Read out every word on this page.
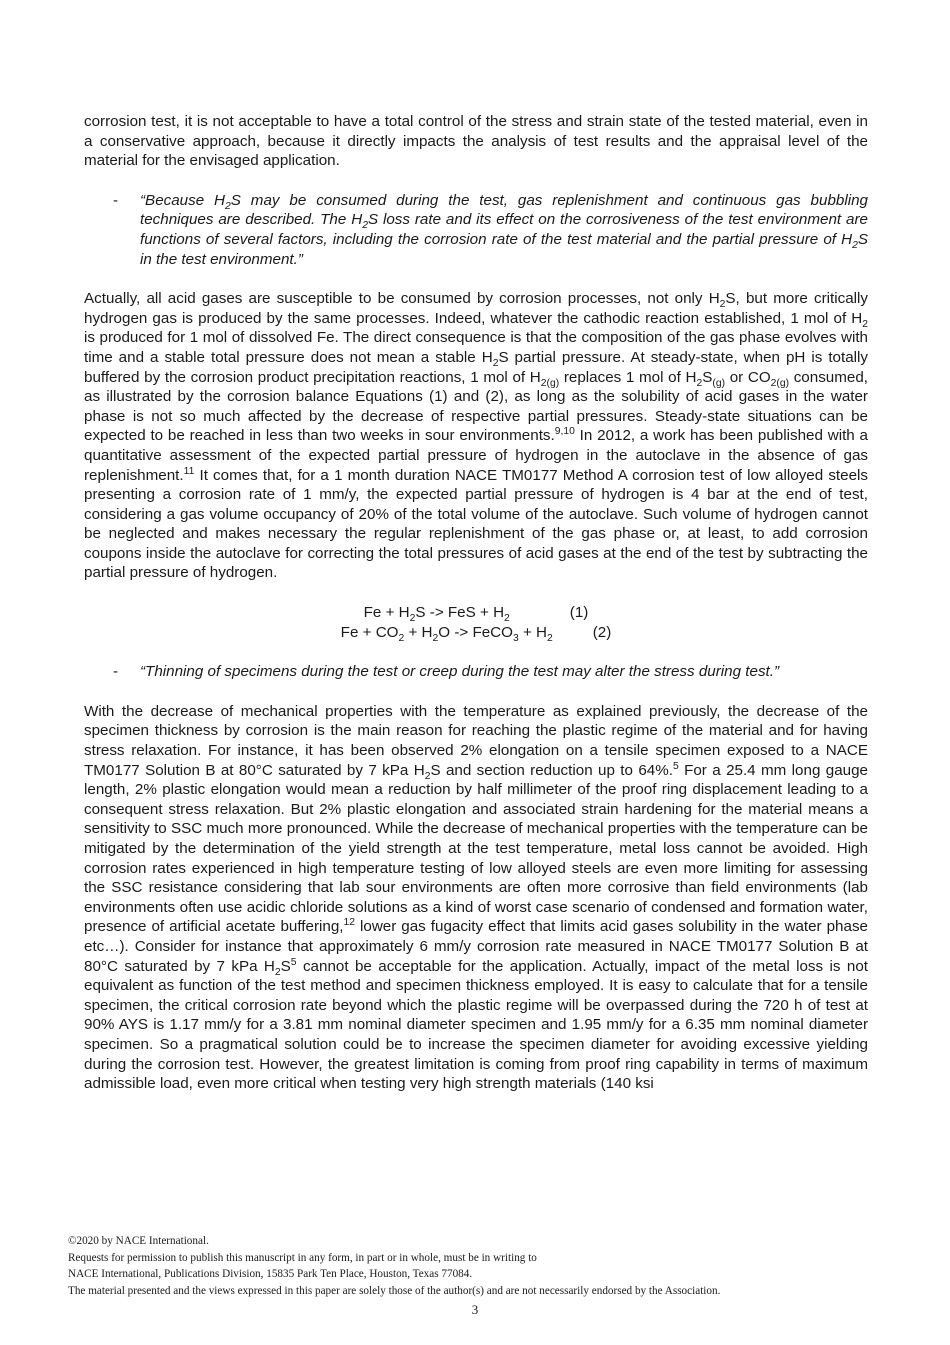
corrosion test, it is not acceptable to have a total control of the stress and strain state of the tested material, even in a conservative approach, because it directly impacts the analysis of test results and the appraisal level of the material for the envisaged application.

-	“Because $H_2S$ may be consumed during the test, gas replenishment and continuous gas bubbling techniques are described. The $H_2S$ loss rate and its effect on the corrosiveness of the test environment are functions of several factors, including the corrosion rate of the test material and the partial pressure of $H_2S$ in the test environment.”

Actually, all acid gases are susceptible to be consumed by corrosion processes, not only $H_2S$, but more critically hydrogen gas is produced by the same processes. Indeed, whatever the cathodic reaction established, 1 mol of $H_2$ is produced for 1 mol of dissolved Fe. The direct consequence is that the composition of the gas phase evolves with time and a stable total pressure does not mean a stable $H_2S$ partial pressure. At steady-state, when pH is totally buffered by the corrosion product precipitation reactions, 1 mol of $H_{2(g)}$ replaces 1 mol of $H_2S_{(g)}$ or $CO_{2(g)}$ consumed, as illustrated by the corrosion balance Equations (1) and (2), as long as the solubility of acid gases in the water phase is not so much affected by the decrease of respective partial pressures. Steady-state situations can be expected to be reached in less than two weeks in sour environments.$^{9,10}$ In 2012, a work has been published with a quantitative assessment of the expected partial pressure of hydrogen in the autoclave in the absence of gas replenishment.$^{11}$ It comes that, for a 1 month duration NACE TM0177 Method A corrosion test of low alloyed steels presenting a corrosion rate of 1 mm/y, the expected partial pressure of hydrogen is 4 bar at the end of test, considering a gas volume occupancy of 20% of the total volume of the autoclave. Such volume of hydrogen cannot be neglected and makes necessary the regular replenishment of the gas phase or, at least, to add corrosion coupons inside the autoclave for correcting the total pressures of acid gases at the end of the test by subtracting the partial pressure of hydrogen.

$Fe + H_2S$ -> FeS + $H_2$	(1)
$Fe + CO_2 + H_2O$ -> FeCO$_3$ + $H_2$	(2)
-	“Thinning of specimens during the test or creep during the test may alter the stress during test.”

With the decrease of mechanical properties with the temperature as explained previously, the decrease of the specimen thickness by corrosion is the main reason for reaching the plastic regime of the material and for having stress relaxation. For instance, it has been observed 2% elongation on a tensile specimen exposed to a NACE TM0177 Solution B at 80°C saturated by 7 kPa $H_2S$ and section reduction up to 64%.$^5$ For a 25.4 mm long gauge length, 2% plastic elongation would mean a reduction by half millimeter of the proof ring displacement leading to a consequent stress relaxation. But 2% plastic elongation and associated strain hardening for the material means a sensitivity to SSC much more pronounced. While the decrease of mechanical properties with the temperature can be mitigated by the determination of the yield strength at the test temperature, metal loss cannot be avoided. High corrosion rates experienced in high temperature testing of low alloyed steels are even more limiting for assessing the SSC resistance considering that lab sour environments are often more corrosive than field environments (lab environments often use acidic chloride solutions as a kind of worst case scenario of condensed and formation water, presence of artificial acetate buffering,$^{12}$ lower gas fugacity effect that limits acid gases solubility in the water phase etc…). Consider for instance that approximately 6 mm/y corrosion rate measured in NACE TM0177 Solution B at 80°C saturated by 7 kPa $H_2S^5$ cannot be acceptable for the application. Actually, impact of the metal loss is not equivalent as function of the test method and specimen thickness employed. It is easy to calculate that for a tensile specimen, the critical corrosion rate beyond which the plastic regime will be overpassed during the 720 h of test at 90% AYS is 1.17 mm/y for a 3.81 mm nominal diameter specimen and 1.95 mm/y for a 6.35 mm nominal diameter specimen. So a pragmatical solution could be to increase the specimen diameter for avoiding excessive yielding during the corrosion test. However, the greatest limitation is coming from proof ring capability in terms of maximum admissible load, even more critical when testing very high strength materials (140 ksi

©2020 by NACE International.
Requests for permission to publish this manuscript in any form, in part or in whole, must be in writing to
NACE International, Publications Division, 15835 Park Ten Place, Houston, Texas 77084.
The material presented and the views expressed in this paper are solely those of the author(s) and are not necessarily endorsed by the Association.
3
